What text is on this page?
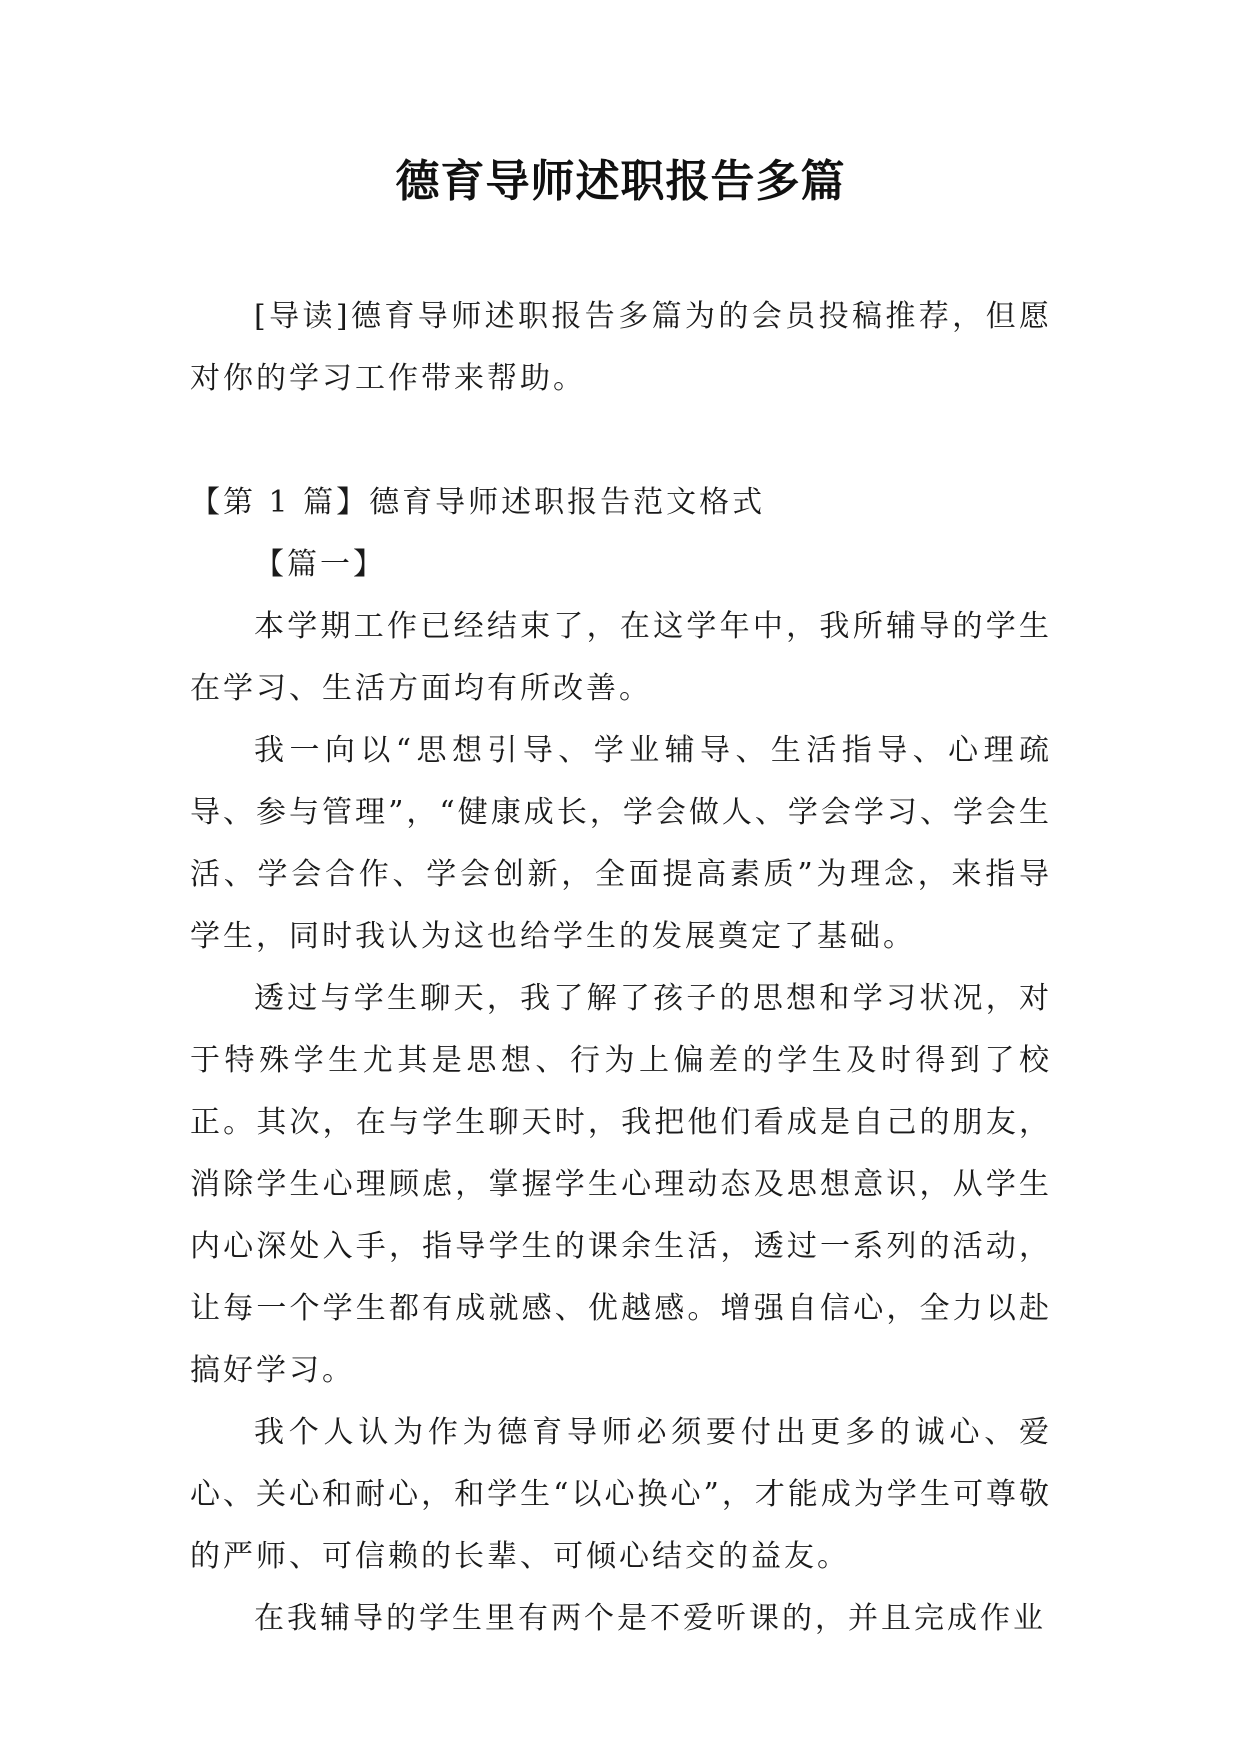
德育导师述职报告多篇

[导读]德育导师述职报告多篇为的会员投稿推荐，但愿对你的学习工作带来帮助。

【第 1 篇】德育导师述职报告范文格式

【篇一】

本学期工作已经结束了，在这学年中，我所辅导的学生在学习、生活方面均有所改善。

我一向以“思想引导、学业辅导、生活指导、心理疏导、参与管理”，“健康成长，学会做人、学会学习、学会生活、学会合作、学会创新，全面提高素质”为理念，来指导学生，同时我认为这也给学生的发展奠定了基础。

透过与学生聊天，我了解了孩子的思想和学习状况，对于特殊学生尤其是思想、行为上偏差的学生及时得到了校正。其次，在与学生聊天时，我把他们看成是自己的朋友，消除学生心理顾虑，掌握学生心理动态及思想意识，从学生内心深处入手，指导学生的课余生活，透过一系列的活动，让每一个学生都有成就感、优越感。增强自信心，全力以赴搞好学习。

我个人认为作为德育导师必须要付出更多的诚心、爱心、关心和耐心，和学生“以心换心”，才能成为学生可尊敬的严师、可信赖的长辈、可倾心结交的益友。

在我辅导的学生里有两个是不爱听课的，并且完成作业
